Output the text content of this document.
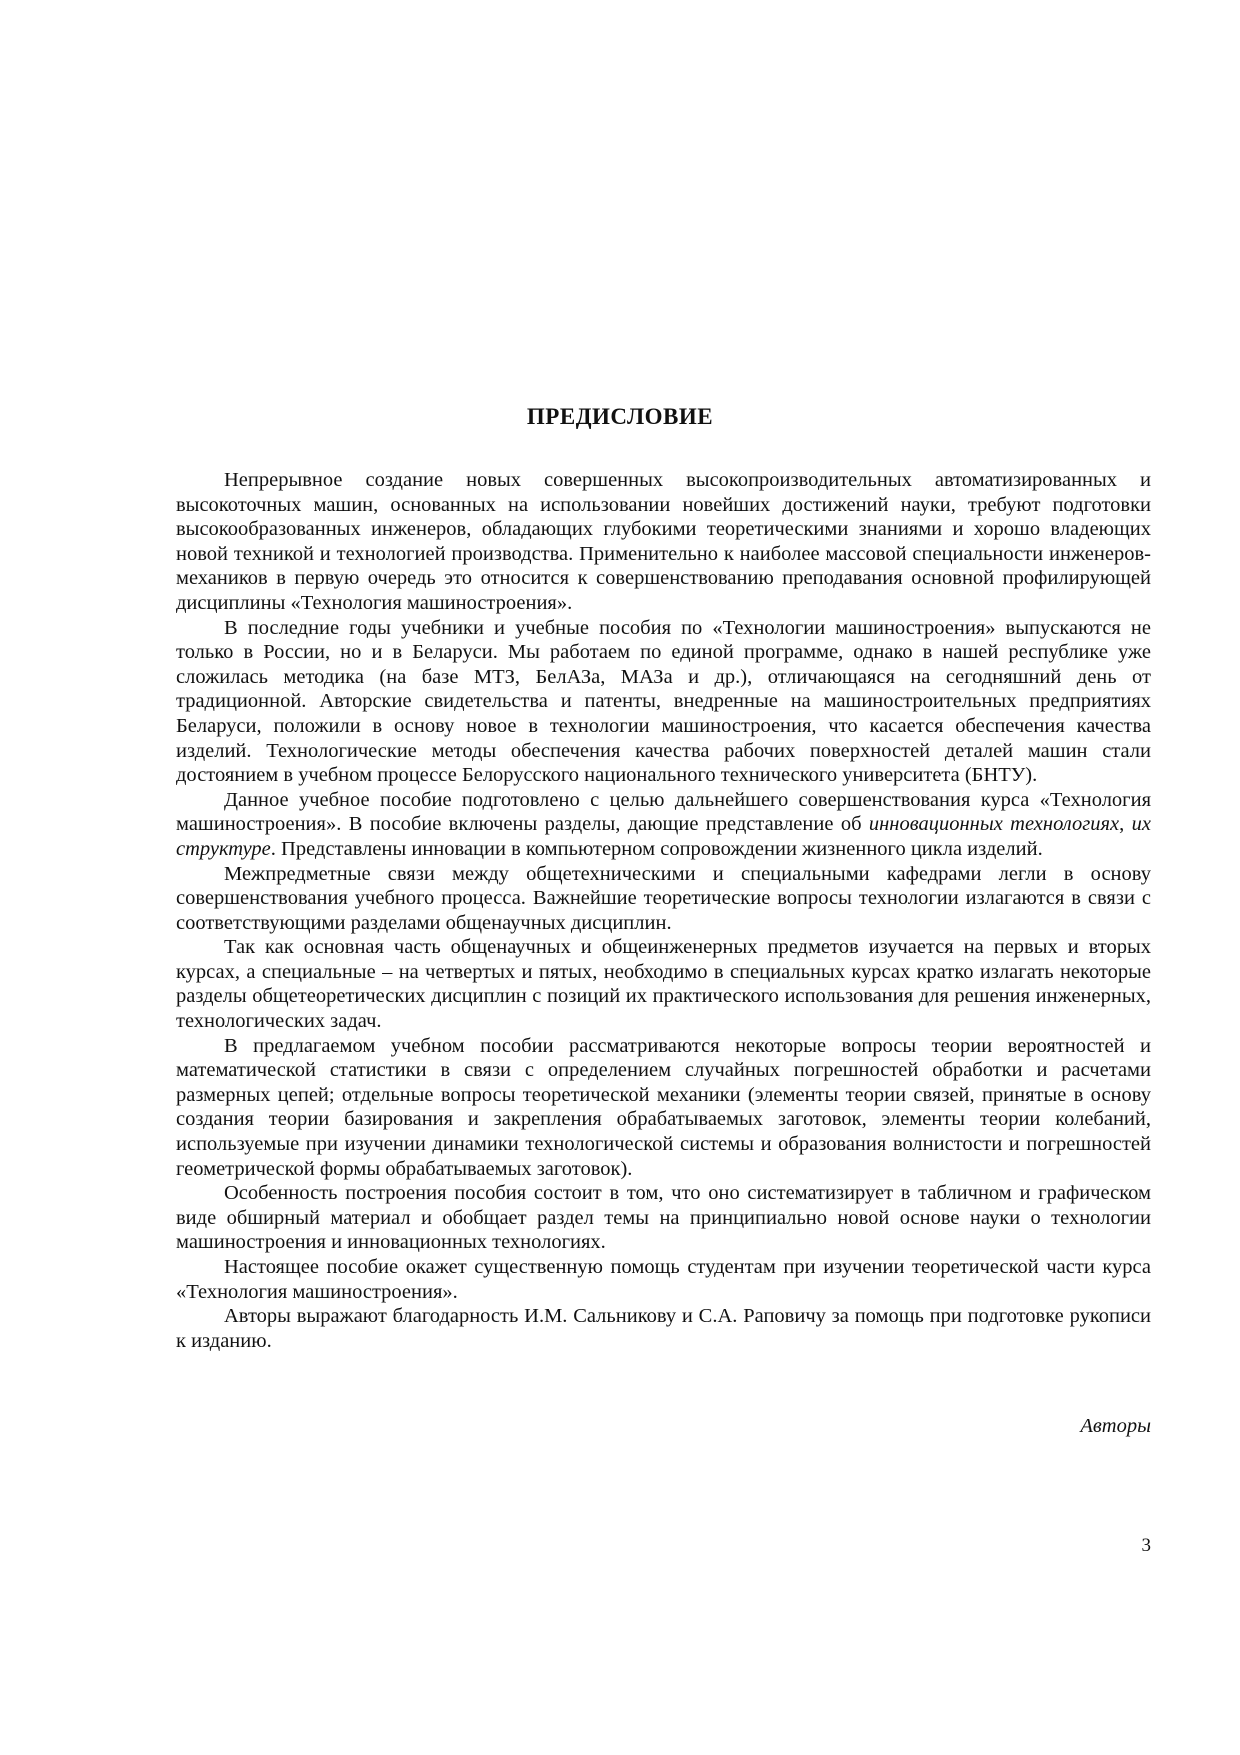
ПРЕДИСЛОВИЕ

Непрерывное создание новых совершенных высокопроизводительных автоматизированных и высокоточных машин, основанных на использовании новейших достижений науки, требуют подготовки высокообразованных инженеров, обладающих глубокими теоретическими знаниями и хорошо владеющих новой техникой и технологией производства. Применительно к наиболее массовой специальности инженеров-механиков в первую очередь это относится к совершенствованию преподавания основной профилирующей дисциплины «Технология машиностроения».

В последние годы учебники и учебные пособия по «Технологии машиностроения» выпускаются не только в России, но и в Беларуси. Мы работаем по единой программе, однако в нашей республике уже сложилась методика (на базе МТЗ, БелАЗа, МАЗа и др.), отличающаяся на сегодняшний день от традиционной. Авторские свидетельства и патенты, внедренные на машиностроительных предприятиях Беларуси, положили в основу новое в технологии машиностроения, что касается обеспечения качества изделий. Технологические методы обеспечения качества рабочих поверхностей деталей машин стали достоянием в учебном процессе Белорусского национального технического университета (БНТУ).

Данное учебное пособие подготовлено с целью дальнейшего совершенствования курса «Технология машиностроения». В пособие включены разделы, дающие представление об инновационных технологиях, их структуре. Представлены инновации в компьютерном сопровождении жизненного цикла изделий.

Межпредметные связи между общетехническими и специальными кафедрами легли в основу совершенствования учебного процесса. Важнейшие теоретические вопросы технологии излагаются в связи с соответствующими разделами общенаучных дисциплин.

Так как основная часть общенаучных и общеинженерных предметов изучается на первых и вторых курсах, а специальные – на четвертых и пятых, необходимо в специальных курсах кратко излагать некоторые разделы общетеоретических дисциплин с позиций их практического использования для решения инженерных, технологических задач.

В предлагаемом учебном пособии рассматриваются некоторые вопросы теории вероятностей и математической статистики в связи с определением случайных погрешностей обработки и расчетами размерных цепей; отдельные вопросы теоретической механики (элементы теории связей, принятые в основу создания теории базирования и закрепления обрабатываемых заготовок, элементы теории колебаний, используемые при изучении динамики технологической системы и образования волнистости и погрешностей геометрической формы обрабатываемых заготовок).

Особенность построения пособия состоит в том, что оно систематизирует в табличном и графическом виде обширный материал и обобщает раздел темы на принципиально новой основе науки о технологии машиностроения и инновационных технологиях.

Настоящее пособие окажет существенную помощь студентам при изучении теоретической части курса «Технология машиностроения».

Авторы выражают благодарность И.М. Сальникову и С.А. Раповичу за помощь при подготовке рукописи к изданию.

Авторы

3
